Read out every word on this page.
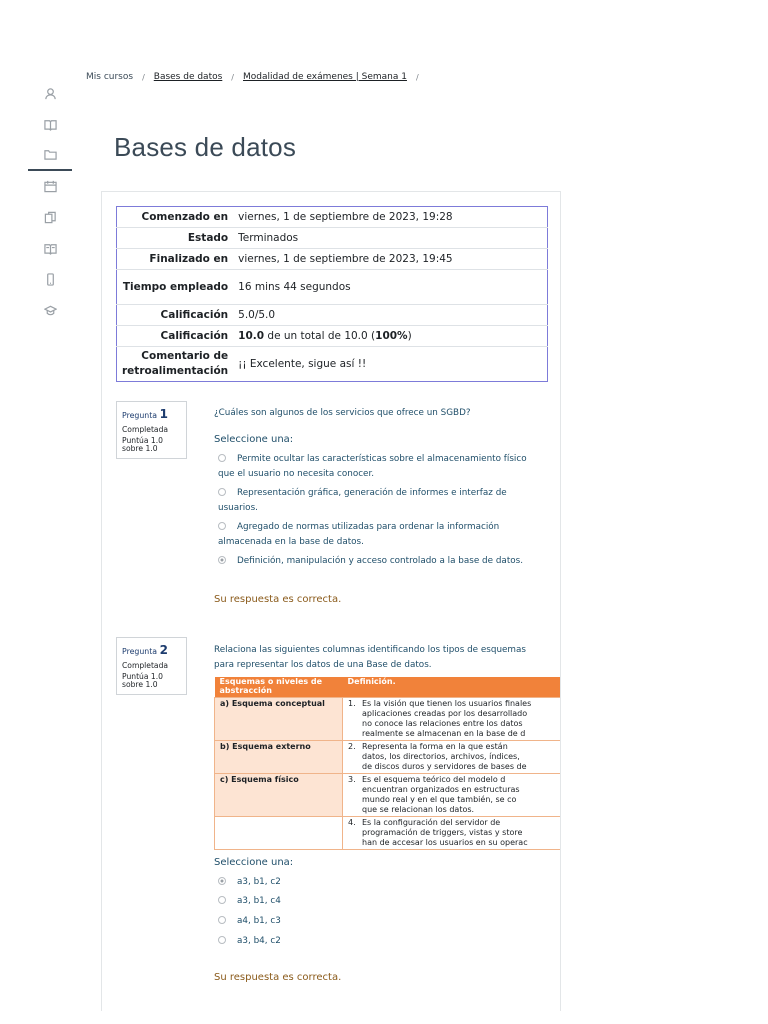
Mis cursos / Bases de datos / Modalidad de exámenes | Semana 1 /
Bases de datos
Comenzado en	viernes, 1 de septiembre de 2023, 19:28
Estado	Terminados
Finalizado en	viernes, 1 de septiembre de 2023, 19:45
Tiempo empleado	16 mins 44 segundos
Calificación	5.0/5.0
Calificación	10.0 de un total de 10.0 (100%)
Comentario de retroalimentación	¡¡ Excelente, sigue así !!
Pregunta 1
Completada
Puntúa 1.0
sobre 1.0
¿Cuáles son algunos de los servicios que ofrece un SGBD?
Seleccione una:
Permite ocultar las características sobre el almacenamiento físico que el usuario no necesita conocer.
Representación gráfica, generación de informes e interfaz de usuarios.
Agregado de normas utilizadas para ordenar la información almacenada en la base de datos.
Definición, manipulación y acceso controlado a la base de datos.
Su respuesta es correcta.
Pregunta 2
Completada
Puntúa 1.0
sobre 1.0
Relaciona las siguientes columnas identificando los tipos de esquemas
para representar los datos de una Base de datos.
Esquemas o niveles de abstracción	Definición.
a) Esquema conceptual	1. Es la visión que tienen los usuarios finales
aplicaciones creadas por los desarrollado
no conoce las relaciones entre los datos
realmente se almacenan en la base de d

b) Esquema externo	2. Representa la forma en la que están
datos, los directorios, archivos, índices,
de discos duros y servidores de bases de

c) Esquema físico	3. Es el esquema teórico del modelo d
encuentran organizados en estructuras
mundo real y en el que también, se co
que se relacionan los datos.

	4. Es la configuración del servidor de
programación de triggers, vistas y store
han de accesar los usuarios en su operac
Seleccione una:
a3, b1, c2
a3, b1, c4
a4, b1, c3
a3, b4, c2
Su respuesta es correcta.
